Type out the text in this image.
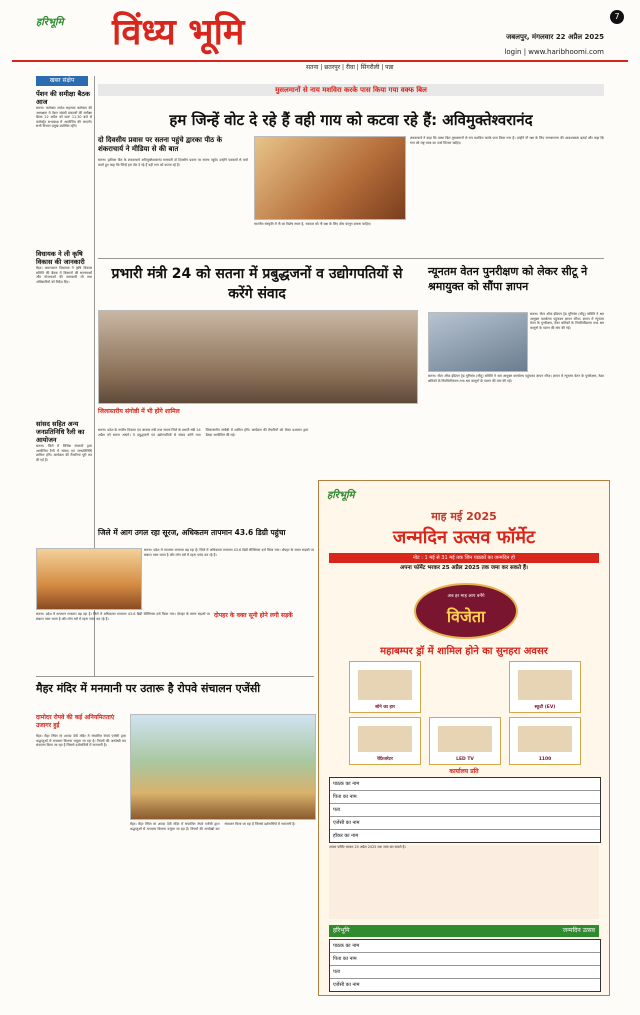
हरिभूमि विंध्य भूमि	जबलपुर, मंगलवार 22 अप्रैल 2025
login | www.haribhoomi.com
7
सतना | छतरपुर | रीवा | सिंगरौली | पन्ना
खबर संक्षेप
पेंशन की समीक्षा बैठक आज
सतना। कलेक्टर राजेश सहायक कलेक्टर की अध्यक्षता में पेंशन संबंधी प्रकरणों की समीक्षा बैठक 22 अप्रैल को प्रातः 11.30 बजे से कलेक्ट्रेट सभाकक्ष में आयोजित की जाएगी। सभी विभाग प्रमुख उपस्थित रहेंगे।
विधायक ने ली कृषि विकास की जानकारी
मैहर। अमरपाटन विधायक ने कृषि विकास समिति की बैठक में किसानों की समस्याओं और योजनाओं की जानकारी ली तथा अधिकारियों को निर्देश दिए।
सांसद सहित अन्य जनप्रतिनिधि रैली का आयोजन
सतना। जिले में विभिन्न संगठनों द्वारा आयोजित रैली में सांसद एवं जनप्रतिनिधि शामिल होंगे। कार्यक्रम की तैयारियां पूरी कर ली गई हैं।
मुसलमानों से नाय मशविरा करके पास किया गया वक्फ बिल
हम जिन्हें वोट दे रहे हैं वही गाय को कटवा रहे हैं: अविमुक्तेश्वरानंद
दो दिवसीय प्रवास पर सतना पहुंचे द्वारका पीठ के शंकराचार्य ने मीडिया से की बात
सतना। द्वारिका पीठ के शंकराचार्य अविमुक्तेश्वरानंद सरस्वती दो दिवसीय प्रवास पर सतना पहुंचे। उन्होंने पत्रकारों से चर्चा करते हुए कहा कि जिन्हें हम वोट दे रहे हैं वही गाय को कटवा रहे हैं।
भारतीय संस्कृति में गौ का विशेष स्थान है, सरकार को गौ रक्षा के लिए ठोस कानून बनाना चाहिए।
शंकराचार्य ने कहा कि वक्फ बिल मुसलमानों से राय मशविरा करके पास किया गया है। उन्होंने गौ रक्षा के लिए जनजागरण की आवश्यकता बताई और कहा कि गाय को राष्ट्र माता का दर्जा मिलना चाहिए।
प्रभारी मंत्री 24 को सतना में प्रबुद्धजनों व उद्योगपतियों से करेंगे संवाद
जिलास्तरीय संगोष्ठी में भी होंगे शामिल
सतना। प्रदेश के नगरीय विकास एवं आवास मंत्री तथा सतना जिले के प्रभारी मंत्री 24 अप्रैल को सतना आएंगे। वे प्रबुद्धजनों एवं उद्योगपतियों से संवाद करेंगे तथा जिलास्तरीय संगोष्ठी में शामिल होंगे। कार्यक्रम की तैयारियों को लेकर प्रशासन द्वारा बैठक आयोजित की गई।
न्यूनतम वेतन पुनरीक्षण को लेकर सीटू ने श्रमायुक्त को सौंपा ज्ञापन
सतना। सेंटर ऑफ इंडियन ट्रेड यूनियंस (सीटू) समिति ने श्रम आयुक्त कार्यालय पहुंचकर ज्ञापन सौंपा। ज्ञापन में न्यूनतम वेतन के पुनरीक्षण, ठेका श्रमिकों के नियमितीकरण तथा श्रम कानूनों के पालन की मांग की गई।
सतना। सेंटर ऑफ इंडियन ट्रेड यूनियंस (सीटू) समिति ने श्रम आयुक्त कार्यालय पहुंचकर ज्ञापन सौंपा। ज्ञापन में न्यूनतम वेतन के पुनरीक्षण, ठेका श्रमिकों के नियमितीकरण तथा श्रम कानूनों के पालन की मांग की गई।
जिले में आग उगल रहा सूरज, अधिकतम तापमान 43.6 डिग्री पहुंचा
सतना। प्रदेश में तापमान लगातार बढ़ रहा है। जिले में अधिकतम तापमान 43.6 डिग्री सेल्सियस दर्ज किया गया। दोपहर के समय सड़कों पर सन्नाटा पसर जाता है और लोग घरों में रहना पसंद कर रहे हैं।
दोपहर के वक्त सूनी होने लगी सड़कें
सतना। प्रदेश में तापमान लगातार बढ़ रहा है। जिले में अधिकतम तापमान 43.6 डिग्री सेल्सियस दर्ज किया गया। दोपहर के समय सड़कों पर सन्नाटा पसर जाता है और लोग घरों में रहना पसंद कर रहे हैं।
मैहर मंदिर में मनमानी पर उतारू है रोपवे संचालन एजेंसी
दामोदर रोपवे की कई अनियमितताएं उजागर हुईं
मैहर। मैहर स्थित मां शारदा देवी मंदिर में संचालित रोपवे एजेंसी द्वारा श्रद्धालुओं से मनमाना किराया वसूला जा रहा है। नियमों की अनदेखी कर संचालन किया जा रहा है जिससे दर्शनार्थियों में नाराजगी है।
मैहर। मैहर स्थित मां शारदा देवी मंदिर में संचालित रोपवे एजेंसी द्वारा श्रद्धालुओं से मनमाना किराया वसूला जा रहा है। नियमों की अनदेखी कर संचालन किया जा रहा है जिससे दर्शनार्थियों में नाराजगी है।
हरिभूमि
माह मई 2025
जन्मदिन उत्सव फॉर्मेट
नोट : 1 मई से 31 मई तक जिन पाठकों का जन्मदिन हो
अपना फॉर्मेट भरकर 25 अप्रैल 2025 तक जमा कर सकते हैं।
अब हर माह आप बनेंगे
विजेता
महाबम्पर ड्रॉ में शामिल होने का सुनहरा अवसर
सोने का हार	स्कूटी (EV)
रेफ्रिजरेटर	LED TV	1100
कार्यालय प्रति
पाठक का नाम
पिता का नाम
पता
एजेंसी का नाम
हॉकर का नाम
अपना फॉर्मेट भरकर 25 अप्रैल 2025 तक जमा कर सकते हैं।
हरिभूमि	जन्मदिन उत्सव
पाठक का नाम
पिता का नाम
पता
एजेंसी का नाम
